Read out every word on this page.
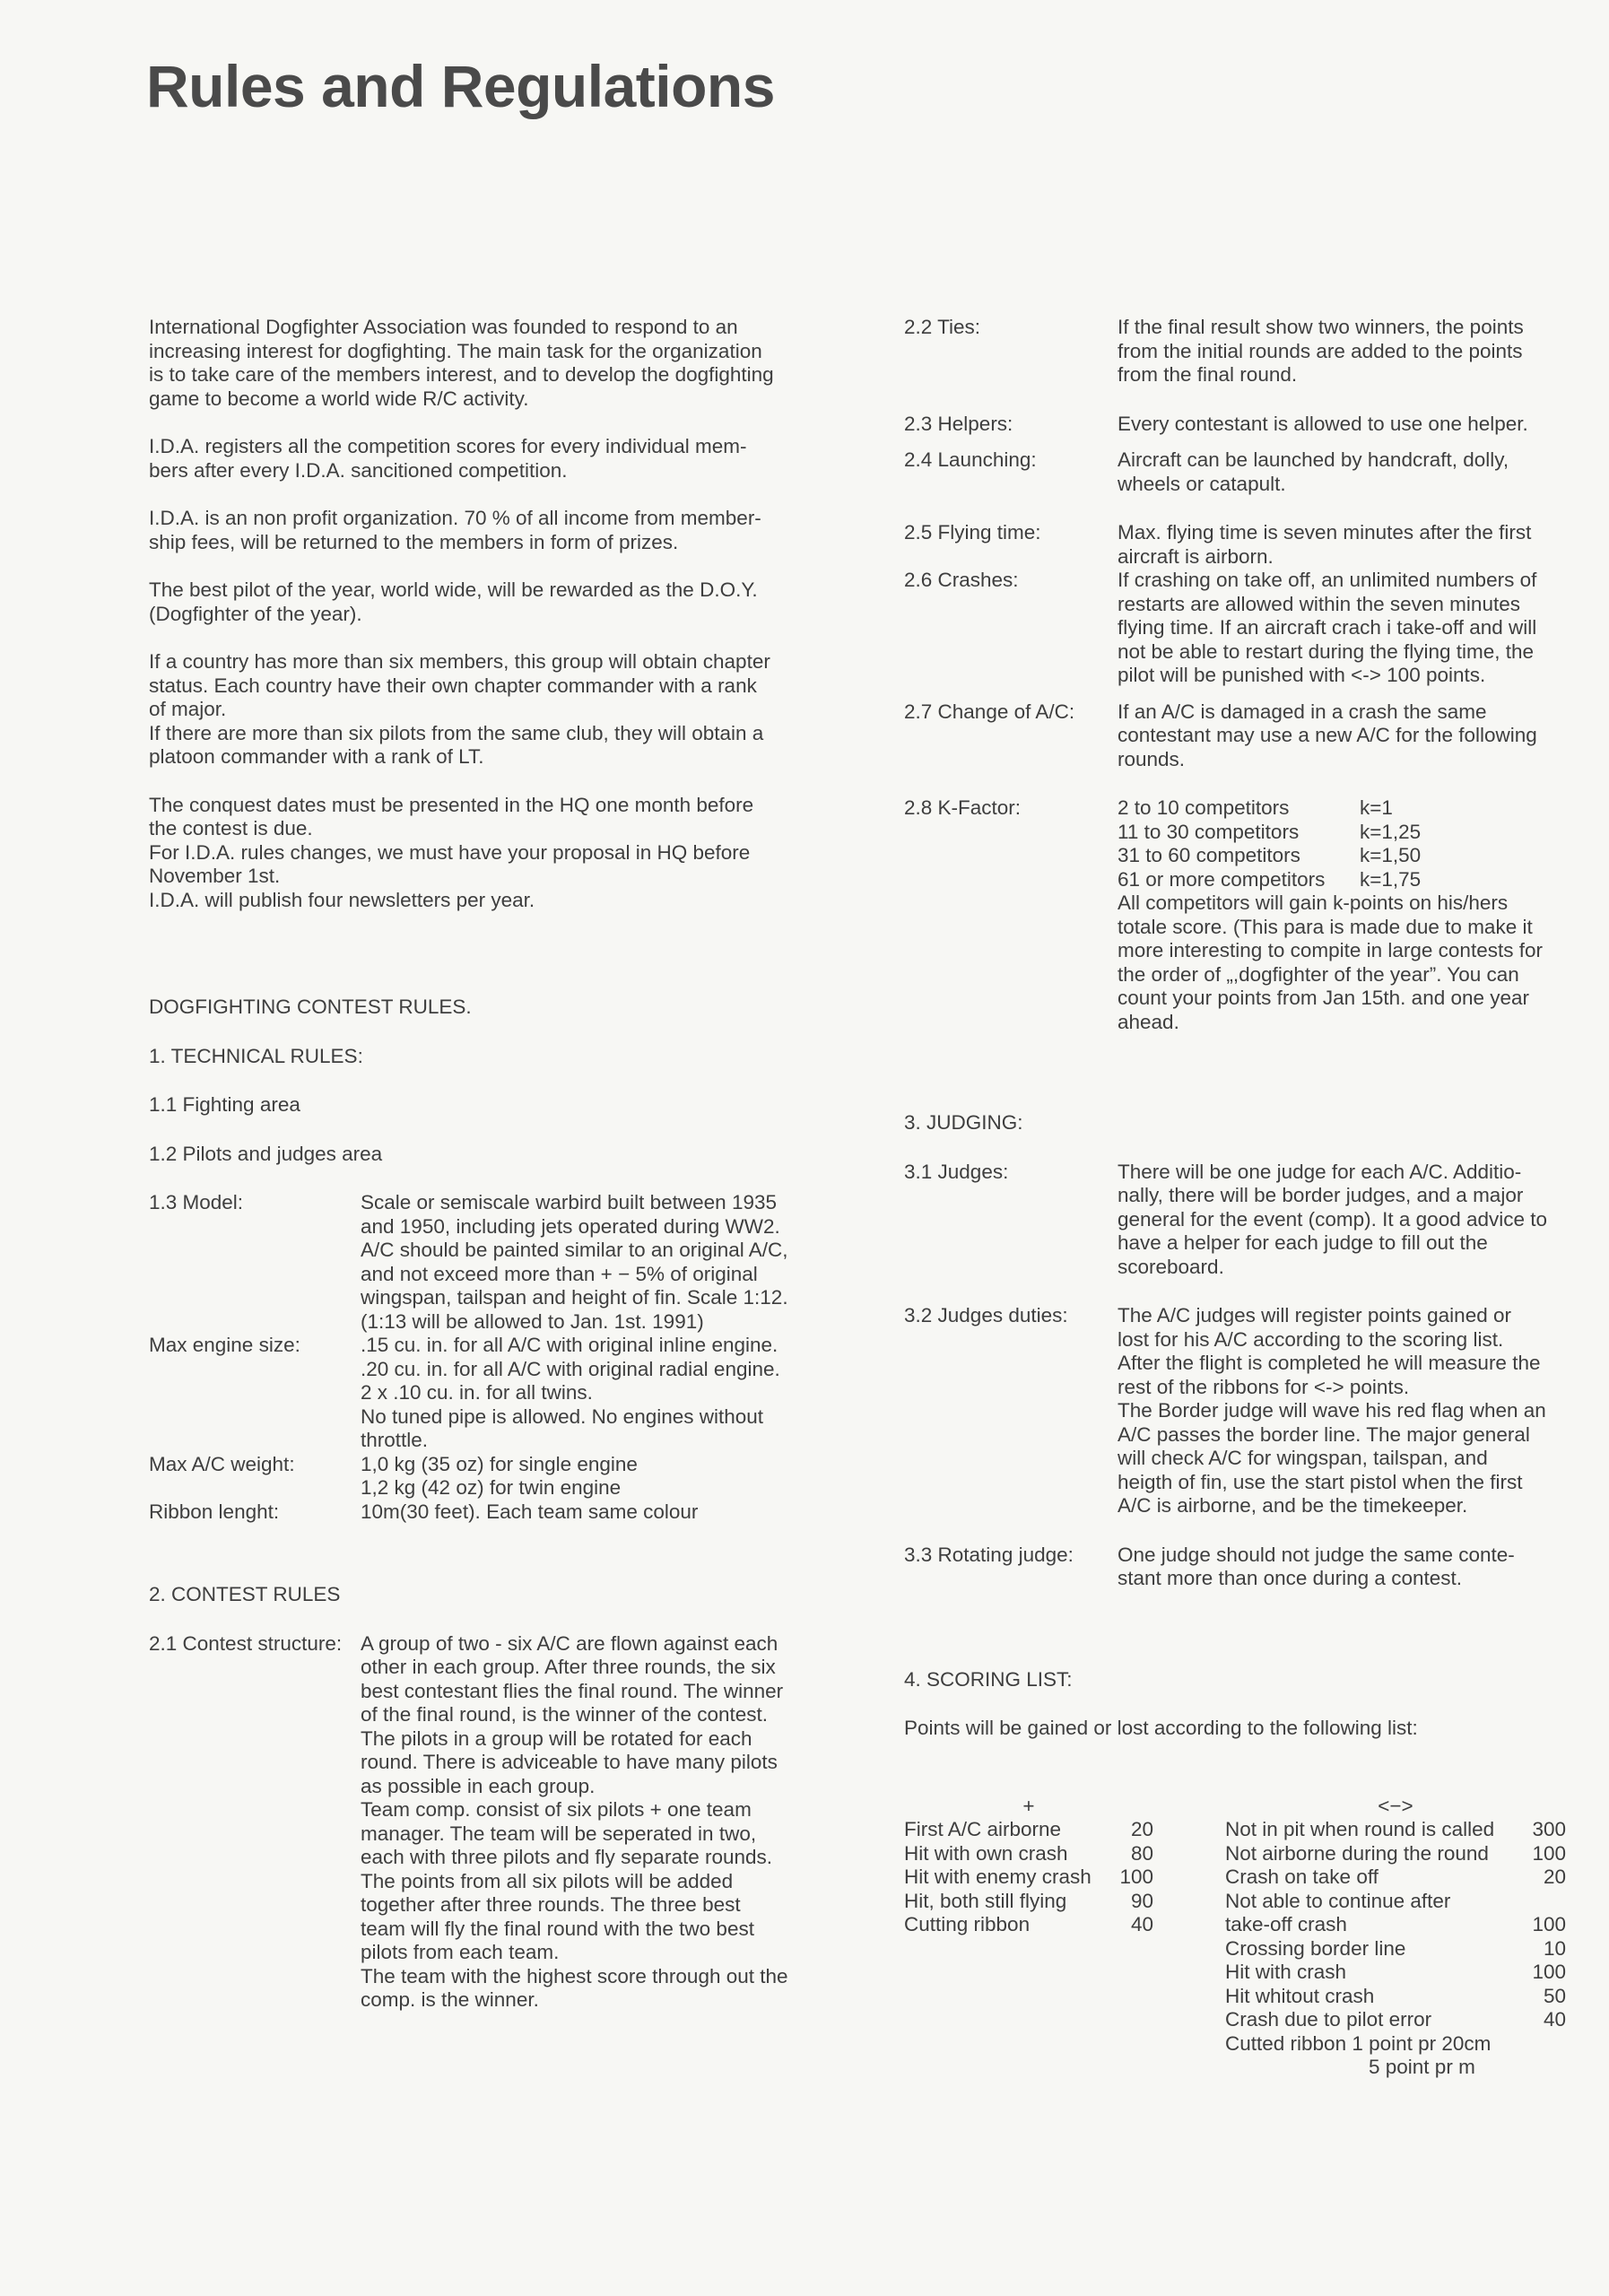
Rules and Regulations

International Dogfighter Association was founded to respond to an

increasing interest for dogfighting. The main task for the organization

is to take care of the members interest, and to develop the dogfighting

game to become a world wide R/C activity.

I.D.A. registers all the competition scores for every individual mem-

bers after every I.D.A. sancitioned competition.

I.D.A. is an non profit organization. 70 % of all income from member-

ship fees, will be returned to the members in form of prizes.

The best pilot of the year, world wide, will be rewarded as the D.O.Y.

(Dogfighter of the year).

If a country has more than six members, this group will obtain chapter

status. Each country have their own chapter commander with a rank

of major.

If there are more than six pilots from the same club, they will obtain a

platoon commander with a rank of LT.

The conquest dates must be presented in the HQ one month before

the contest is due.

For I.D.A. rules changes, we must have your proposal in HQ before

November 1st.

I.D.A. will publish four newsletters per year.

DOGFIGHTING CONTEST RULES.
1. TECHNICAL RULES:
1.1 Fighting area
1.2 Pilots and judges area
1.3 Model:	Scale or semiscale warbird built between 1935

and 1950, including jets operated during WW2.

A/C should be painted similar to an original A/C,

and not exceed more than + − 5% of original

wingspan, tailspan and height of fin. Scale 1:12.

(1:13 will be allowed to Jan. 1st. 1991)

Max engine size:	.15 cu. in. for all A/C with original inline engine.

.20 cu. in. for all A/C with original radial engine.

2 x .10 cu. in. for all twins.

No tuned pipe is allowed. No engines without

throttle.

Max A/C weight:	1,0 kg (35 oz) for single engine

1,2 kg (42 oz) for twin engine

Ribbon lenght:	10m(30 feet). Each team same colour

2. CONTEST RULES
2.1 Contest structure: A group of two - six A/C are flown against each

other in each group. After three rounds, the six

best contestant flies the final round. The winner

of the final round, is the winner of the contest.

The pilots in a group will be rotated for each

round. There is adviceable to have many pilots

as possible in each group.

Team comp. consist of six pilots + one team

manager. The team will be seperated in two,

each with three pilots and fly separate rounds.

The points from all six pilots will be added

together after three rounds. The three best

team will fly the final round with the two best

pilots from each team.

The team with the highest score through out the

comp. is the winner.

2.2 Ties:	If the final result show two winners, the points

from the initial rounds are added to the points

from the final round.

2.3 Helpers:	Every contestant is allowed to use one helper.

2.4 Launching:	Aircraft can be launched by handcraft, dolly,

wheels or catapult.

2.5 Flying time:	Max. flying time is seven minutes after the first

aircraft is airborn.

2.6 Crashes:	If crashing on take off, an unlimited numbers of

restarts are allowed within the seven minutes

flying time. If an aircraft crach i take-off and will

not be able to restart during the flying time, the

pilot will be punished with <-> 100 points.

2.7 Change of A/C:	If an A/C is damaged in a crash the same

contestant may use a new A/C for the following

rounds.

2.8 K-Factor:	2 to 10 competitors	k=1
11 to 30 competitors	k=1,25
31 to 60 competitors	k=1,50
61 or more competitors	k=1,75

All competitors will gain k-points on his/hers

totale score. (This para is made due to make it

more interesting to compite in large contests for

the order of „,dogfighter of the year”. You can

count your points from Jan 15th. and one year

ahead.

3. JUDGING:
3.1 Judges:	There will be one judge for each A/C. Additio-

nally, there will be border judges, and a major

general for the event (comp). It a good advice to

have a helper for each judge to fill out the

scoreboard.

3.2 Judges duties:	The A/C judges will register points gained or

lost for his A/C according to the scoring list.

After the flight is completed he will measure the

rest of the ribbons for <-> points.

The Border judge will wave his red flag when an

A/C passes the border line. The major general

will check A/C for wingspan, tailspan, and

heigth of fin, use the start pistol when the first

A/C is airborne, and be the timekeeper.

3.3 Rotating judge:	One judge should not judge the same conte-

stant more than once during a contest.

4. SCORING LIST:
Points will be gained or lost according to the following list:
+
First A/C airborne	20
Hit with own crash	80
Hit with enemy crash	100
Hit, both still flying	90
Cutting ribbon	40
<−>
Not in pit when round is called	300
Not airborne during the round	100
Crash on take off	20
Not able to continue after
take-off crash	100
Crossing border line	10
Hit with crash	100
Hit whitout crash	50
Crash due to pilot error	40
Cutted ribbon 1 point pr 20cm
5 point pr m
